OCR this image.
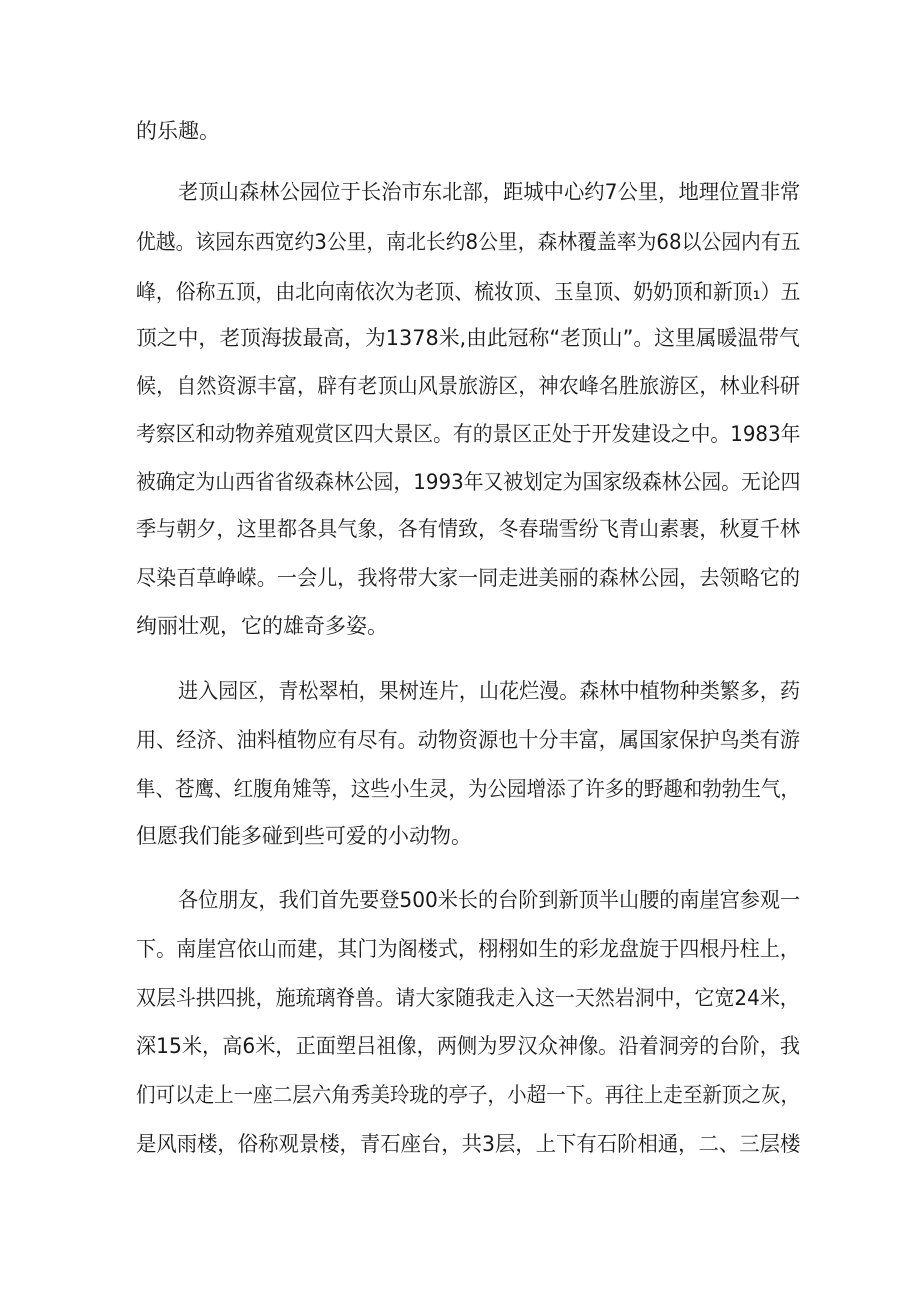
的乐趣。
老顶山森林公园位于长治市东北部，距城中心约7公里，地理位置非常
优越。该园东西宽约3公里，南北长约8公里，森林覆盖率为68以公园内有五
峰，俗称五顶，由北向南依次为老顶、梳妆顶、玉皇顶、奶奶顶和新顶₁）五
顶之中，老顶海拔最高，为1378米,由此冠称“老顶山”。这里属暖温带气
候，自然资源丰富，辟有老顶山风景旅游区，神农峰名胜旅游区，林业科研
考察区和动物养殖观赏区四大景区。有的景区正处于开发建设之中。1983年
被确定为山西省省级森林公园，1993年又被划定为国家级森林公园。无论四
季与朝夕，这里都各具气象，各有情致，冬春瑞雪纷飞青山素裹，秋夏千林
尽染百草峥嵘。一会儿，我将带大家一同走进美丽的森林公园，去领略它的
绚丽壮观，它的雄奇多姿。
进入园区，青松翠柏，果树连片，山花烂漫。森林中植物种类繁多，药
用、经济、油料植物应有尽有。动物资源也十分丰富，属国家保护鸟类有游
隼、苍鹰、红腹角雉等，这些小生灵，为公园增添了许多的野趣和勃勃生气，
但愿我们能多碰到些可爱的小动物。
各位朋友，我们首先要登500米长的台阶到新顶半山腰的南崖宫参观一
下。南崖宫依山而建，其门为阁楼式，栩栩如生的彩龙盘旋于四根丹柱上，
双层斗拱四挑，施琉璃脊兽。请大家随我走入这一天然岩洞中，它宽24米，
深15米，高6米，正面塑吕祖像，两侧为罗汉众神像。沿着洞旁的台阶，我
们可以走上一座二层六角秀美玲珑的亭子，小超一下。再往上走至新顶之灰，
是风雨楼，俗称观景楼，青石座台，共3层，上下有石阶相通，二、三层楼
